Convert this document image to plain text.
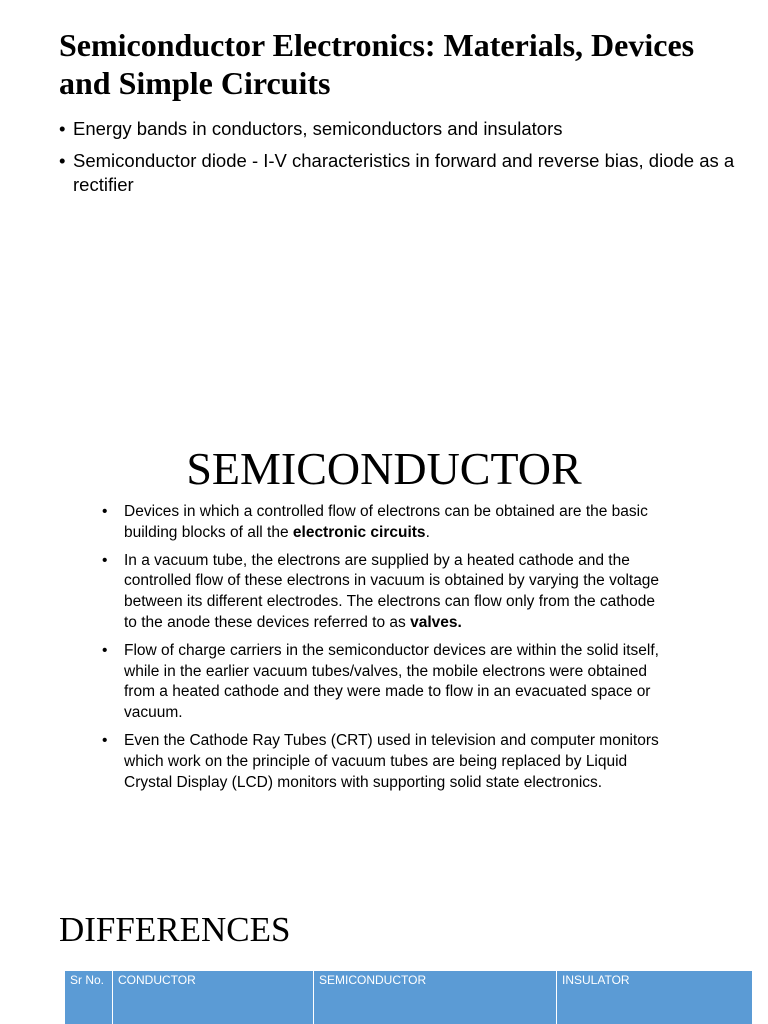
Semiconductor Electronics: Materials, Devices and Simple Circuits
• Energy bands in conductors, semiconductors and insulators
• Semiconductor diode - I-V characteristics in forward and reverse bias, diode as a rectifier
SEMICONDUCTOR
• Devices in which a controlled flow of electrons can be obtained are the basic building blocks of all the electronic circuits.
• In a vacuum tube, the electrons are supplied by a heated cathode and the controlled flow of these electrons in vacuum is obtained by varying the voltage between its different electrodes. The electrons can flow only from the cathode to the anode these devices referred to as valves.
• Flow of charge carriers in the semiconductor devices are within the solid itself, while in the earlier vacuum tubes/valves, the mobile electrons were obtained from a heated cathode and they were made to flow in an evacuated space or vacuum.
• Even the Cathode Ray Tubes (CRT) used in television and computer monitors which work on the principle of vacuum tubes are being replaced by Liquid Crystal Display (LCD) monitors with supporting solid state electronics.
DIFFERENCES
Sr No.	CONDUCTOR	SEMICONDUCTOR	INSULATOR
